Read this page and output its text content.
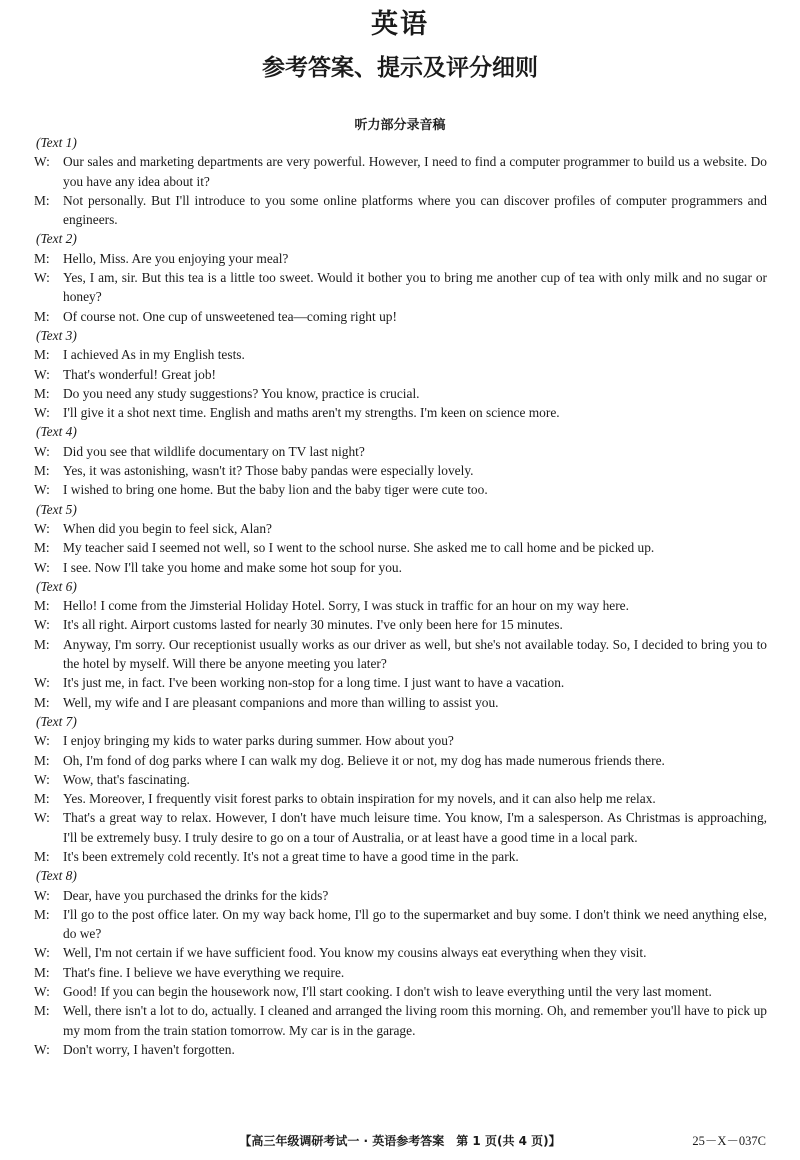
英语
参考答案、提示及评分细则
听力部分录音稿
(Text 1)
W: Our sales and marketing departments are very powerful. However, I need to find a computer programmer to build us a website. Do you have any idea about it?
M: Not personally. But I'll introduce to you some online platforms where you can discover profiles of computer programmers and engineers.
(Text 2)
M: Hello, Miss. Are you enjoying your meal?
W: Yes, I am, sir. But this tea is a little too sweet. Would it bother you to bring me another cup of tea with only milk and no sugar or honey?
M: Of course not. One cup of unsweetened tea—coming right up!
(Text 3)
M: I achieved As in my English tests.
W: That's wonderful! Great job!
M: Do you need any study suggestions? You know, practice is crucial.
W: I'll give it a shot next time. English and maths aren't my strengths. I'm keen on science more.
(Text 4)
W: Did you see that wildlife documentary on TV last night?
M: Yes, it was astonishing, wasn't it? Those baby pandas were especially lovely.
W: I wished to bring one home. But the baby lion and the baby tiger were cute too.
(Text 5)
W: When did you begin to feel sick, Alan?
M: My teacher said I seemed not well, so I went to the school nurse. She asked me to call home and be picked up.
W: I see. Now I'll take you home and make some hot soup for you.
(Text 6)
M: Hello! I come from the Jimsterial Holiday Hotel. Sorry, I was stuck in traffic for an hour on my way here.
W: It's all right. Airport customs lasted for nearly 30 minutes. I've only been here for 15 minutes.
M: Anyway, I'm sorry. Our receptionist usually works as our driver as well, but she's not available today. So, I decided to bring you to the hotel by myself. Will there be anyone meeting you later?
W: It's just me, in fact. I've been working non-stop for a long time. I just want to have a vacation.
M: Well, my wife and I are pleasant companions and more than willing to assist you.
(Text 7)
W: I enjoy bringing my kids to water parks during summer. How about you?
M: Oh, I'm fond of dog parks where I can walk my dog. Believe it or not, my dog has made numerous friends there.
W: Wow, that's fascinating.
M: Yes. Moreover, I frequently visit forest parks to obtain inspiration for my novels, and it can also help me relax.
W: That's a great way to relax. However, I don't have much leisure time. You know, I'm a salesperson. As Christmas is approaching, I'll be extremely busy. I truly desire to go on a tour of Australia, or at least have a good time in a local park.
M: It's been extremely cold recently. It's not a great time to have a good time in the park.
(Text 8)
W: Dear, have you purchased the drinks for the kids?
M: I'll go to the post office later. On my way back home, I'll go to the supermarket and buy some. I don't think we need anything else, do we?
W: Well, I'm not certain if we have sufficient food. You know my cousins always eat everything when they visit.
M: That's fine. I believe we have everything we require.
W: Good! If you can begin the housework now, I'll start cooking. I don't wish to leave everything until the very last moment.
M: Well, there isn't a lot to do, actually. I cleaned and arranged the living room this morning. Oh, and remember you'll have to pick up my mom from the train station tomorrow. My car is in the garage.
W: Don't worry, I haven't forgotten.
【高三年级调研考试一 · 英语参考答案　第 1 页(共 4 页)】	25－X－037C
